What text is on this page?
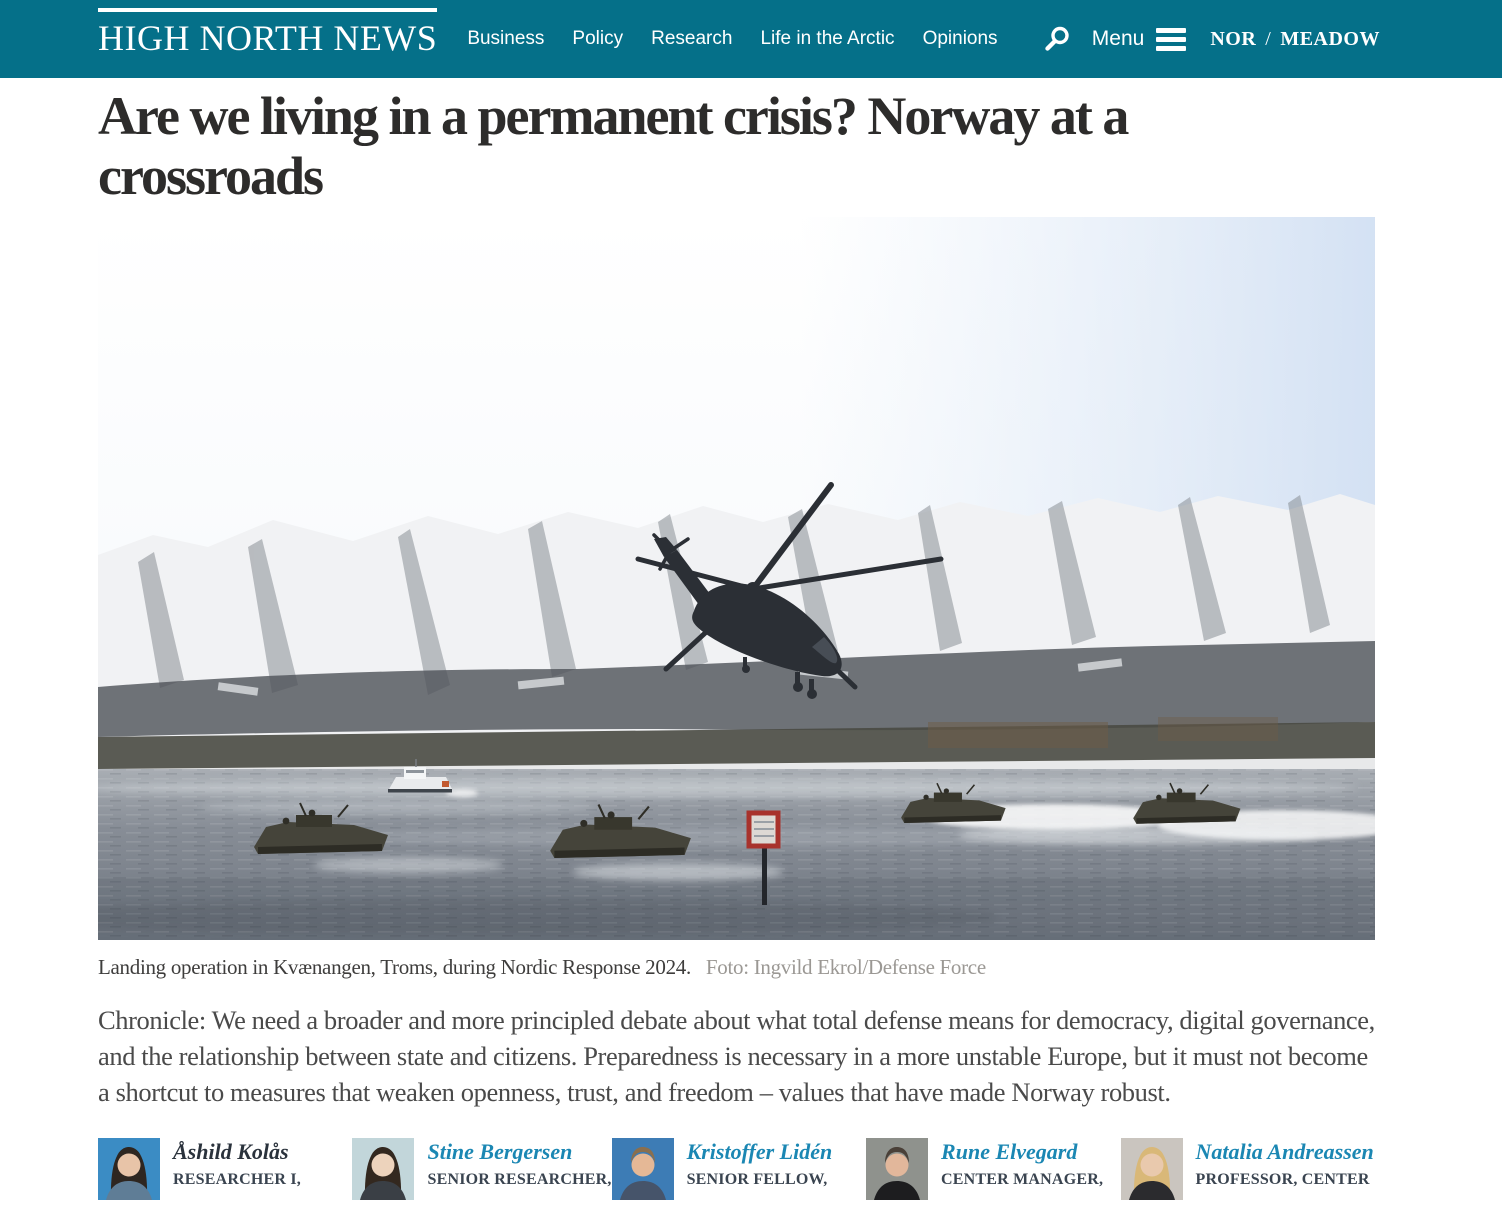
HIGH NORTH NEWS Business Policy Research Life in the Arctic Opinions	Menu	NOR / MEADOW
Are we living in a permanent crisis? Norway at a crossroads
Landing operation in Kvænangen, Troms, during Nordic Response 2024. Foto: Ingvild Ekrol/Defense Force

Chronicle: We need a broader and more principled debate about what total defense means for democracy, digital governance, and the relationship between state and citizens. Preparedness is necessary in a more unstable Europe, but it must not become a shortcut to measures that weaken openness, trust, and freedom – values that have made Norway robust.

Åshild Kolås
RESEARCHER I,
Stine Bergersen
SENIOR RESEARCHER,
Kristoffer Lidén
SENIOR FELLOW,
Rune Elvegard
CENTER MANAGER,
Natalia Andreassen
PROFESSOR, CENTER
